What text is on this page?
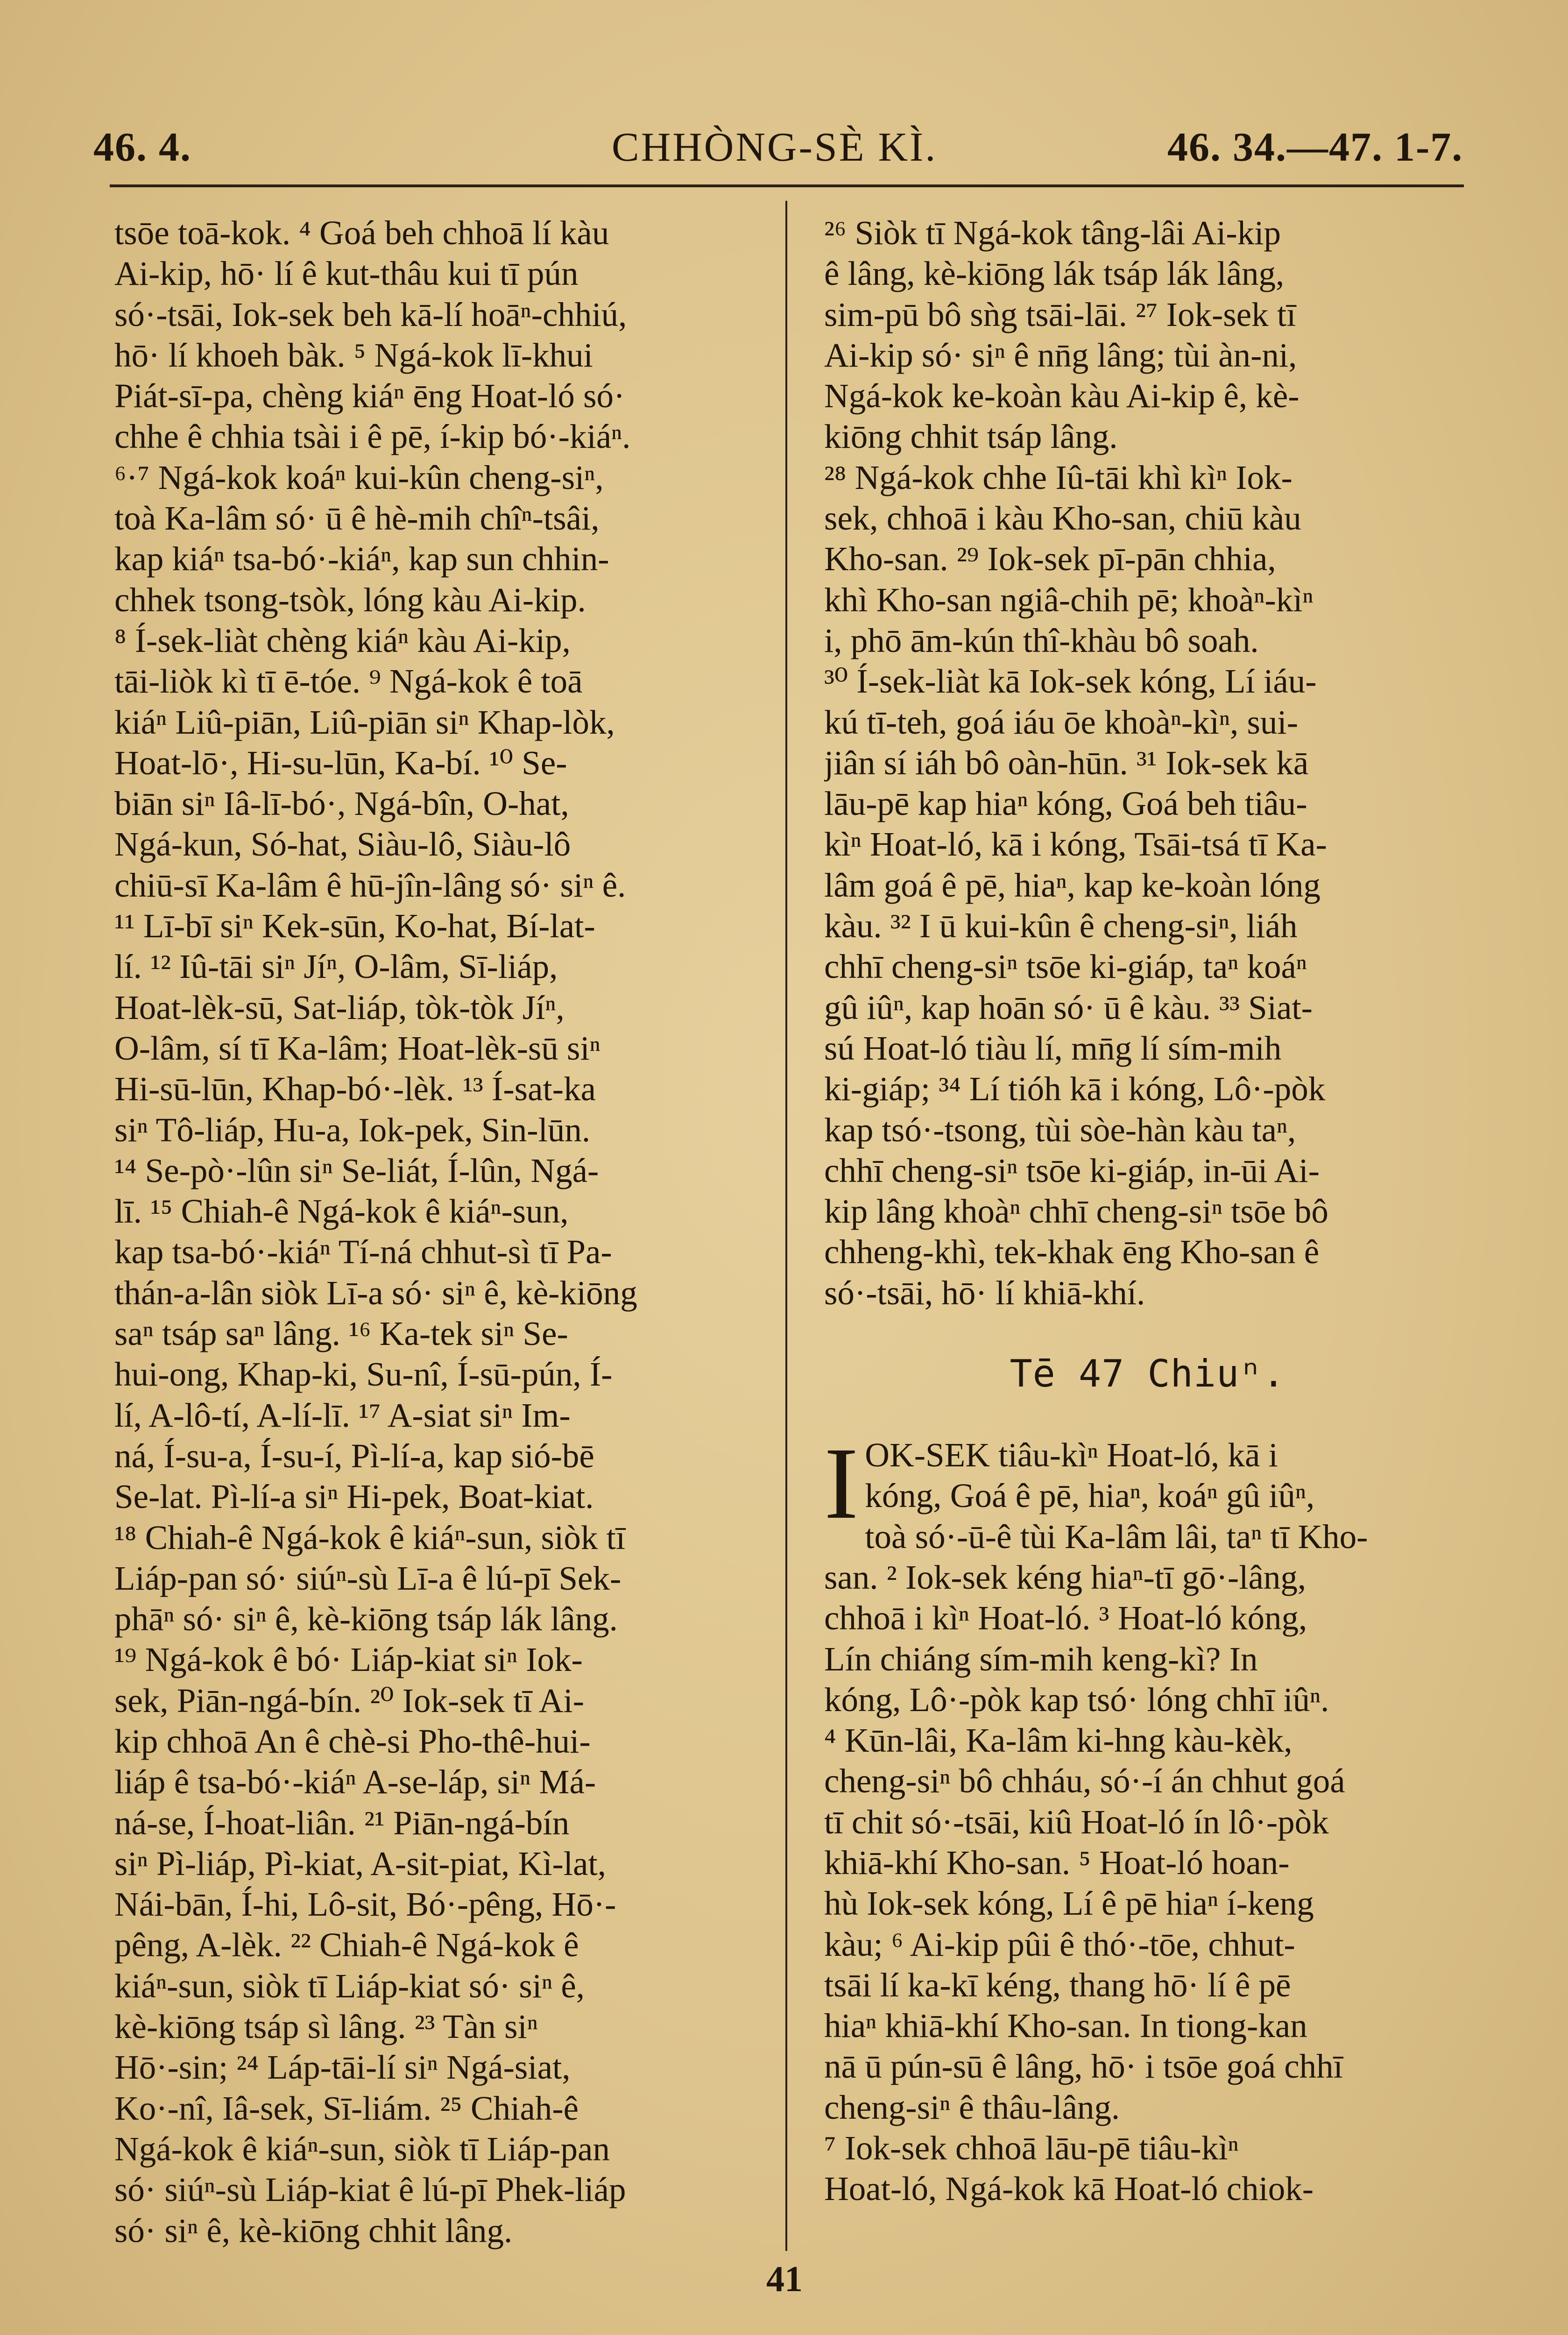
46. 4.	CHHÒNG-SÈ KÌ.	46. 34.—47. 1-7.
tsōe toā-kok. ⁴ Goá beh chhoā lí kàu
Ai-kip, hō· lí ê kut-thâu kui tī pún
só·-tsāi, Iok-sek beh kā-lí hoāⁿ-chhiú,
hō· lí khoeh bàk. ⁵ Ngá-kok lī-khui
Piát-sī-pa, chèng kiáⁿ ēng Hoat-ló só·
chhe ê chhia tsài i ê pē, í-kip bó·-kiáⁿ.
⁶·⁷ Ngá-kok koáⁿ kui-kûn cheng-siⁿ,
toà Ka-lâm só· ū ê hè-mih chîⁿ-tsâi,
kap kiáⁿ tsa-bó·-kiáⁿ, kap sun chhin-
chhek tsong-tsòk, lóng kàu Ai-kip.
⁸ Í-sek-liàt chèng kiáⁿ kàu Ai-kip,
tāi-liòk kì tī ē-tóe. ⁹ Ngá-kok ê toā
kiáⁿ Liû-piān, Liû-piān siⁿ Khap-lòk,
Hoat-lō·, Hi-su-lūn, Ka-bí. ¹⁰ Se-
biān siⁿ Iâ-lī-bó·, Ngá-bîn, O-hat,
Ngá-kun, Só-hat, Siàu-lô, Siàu-lô
chiū-sī Ka-lâm ê hū-jîn-lâng só· siⁿ ê.
¹¹ Lī-bī siⁿ Kek-sūn, Ko-hat, Bí-lat-
lí. ¹² Iû-tāi siⁿ Jíⁿ, O-lâm, Sī-liáp,
Hoat-lèk-sū, Sat-liáp, tòk-tòk Jíⁿ,
O-lâm, sí tī Ka-lâm; Hoat-lèk-sū siⁿ
Hi-sū-lūn, Khap-bó·-lèk. ¹³ Í-sat-ka
siⁿ Tô-liáp, Hu-a, Iok-pek, Sin-lūn.
¹⁴ Se-pò·-lûn siⁿ Se-liát, Í-lûn, Ngá-
lī. ¹⁵ Chiah-ê Ngá-kok ê kiáⁿ-sun,
kap tsa-bó·-kiáⁿ Tí-ná chhut-sì tī Pa-
thán-a-lân siòk Lī-a só· siⁿ ê, kè-kiōng
saⁿ tsáp saⁿ lâng. ¹⁶ Ka-tek siⁿ Se-
hui-ong, Khap-ki, Su-nî, Í-sū-pún, Í-
lí, A-lô-tí, A-lí-lī. ¹⁷ A-siat siⁿ Im-
ná, Í-su-a, Í-su-í, Pì-lí-a, kap sió-bē
Se-lat. Pì-lí-a siⁿ Hi-pek, Boat-kiat.
¹⁸ Chiah-ê Ngá-kok ê kiáⁿ-sun, siòk tī
Liáp-pan só· siúⁿ-sù Lī-a ê lú-pī Sek-
phāⁿ só· siⁿ ê, kè-kiōng tsáp lák lâng.
¹⁹ Ngá-kok ê bó· Liáp-kiat siⁿ Iok-
sek, Piān-ngá-bín. ²⁰ Iok-sek tī Ai-
kip chhoā An ê chè-si Pho-thê-hui-
liáp ê tsa-bó·-kiáⁿ A-se-láp, siⁿ Má-
ná-se, Í-hoat-liân. ²¹ Piān-ngá-bín
siⁿ Pì-liáp, Pì-kiat, A-sit-piat, Kì-lat,
Nái-bān, Í-hi, Lô-sit, Bó·-pêng, Hō·-
pêng, A-lèk. ²² Chiah-ê Ngá-kok ê
kiáⁿ-sun, siòk tī Liáp-kiat só· siⁿ ê,
kè-kiōng tsáp sì lâng. ²³ Tàn siⁿ
Hō·-sin; ²⁴ Láp-tāi-lí siⁿ Ngá-siat,
Ko·-nî, Iâ-sek, Sī-liám. ²⁵ Chiah-ê
Ngá-kok ê kiáⁿ-sun, siòk tī Liáp-pan
só· siúⁿ-sù Liáp-kiat ê lú-pī Phek-liáp
só· siⁿ ê, kè-kiōng chhit lâng.
²⁶ Siòk tī Ngá-kok tâng-lâi Ai-kip
ê lâng, kè-kiōng lák tsáp lák lâng,
sim-pū bô sǹg tsāi-lāi. ²⁷ Iok-sek tī
Ai-kip só· siⁿ ê nn̄g lâng; tùi àn-ni,
Ngá-kok ke-koàn kàu Ai-kip ê, kè-
kiōng chhit tsáp lâng.
²⁸ Ngá-kok chhe Iû-tāi khì kìⁿ Iok-
sek, chhoā i kàu Kho-san, chiū kàu
Kho-san. ²⁹ Iok-sek pī-pān chhia,
khì Kho-san ngiâ-chih pē; khoàⁿ-kìⁿ
i, phō ām-kún thî-khàu bô soah.
³⁰ Í-sek-liàt kā Iok-sek kóng, Lí iáu-
kú tī-teh, goá iáu ōe khoàⁿ-kìⁿ, sui-
jiân sí iáh bô oàn-hūn. ³¹ Iok-sek kā
lāu-pē kap hiaⁿ kóng, Goá beh tiâu-
kìⁿ Hoat-ló, kā i kóng, Tsāi-tsá tī Ka-
lâm goá ê pē, hiaⁿ, kap ke-koàn lóng
kàu. ³² I ū kui-kûn ê cheng-siⁿ, liáh
chhī cheng-siⁿ tsōe ki-giáp, taⁿ koáⁿ
gû iûⁿ, kap hoān só· ū ê kàu. ³³ Siat-
sú Hoat-ló tiàu lí, mn̄g lí sím-mih
ki-giáp; ³⁴ Lí tióh kā i kóng, Lô·-pòk
kap tsó·-tsong, tùi sòe-hàn kàu taⁿ,
chhī cheng-siⁿ tsōe ki-giáp, in-ūi Ai-
kip lâng khoàⁿ chhī cheng-siⁿ tsōe bô
chheng-khì, tek-khak ēng Kho-san ê
só·-tsāi, hō· lí khiā-khí.
Tē 47 Chiuⁿ.
I OK-SEK tiâu-kìⁿ Hoat-ló, kā i
kóng, Goá ê pē, hiaⁿ, koáⁿ gû iûⁿ,
toà só·-ū-ê tùi Ka-lâm lâi, taⁿ tī Kho-
san. ² Iok-sek kéng hiaⁿ-tī gō·-lâng,
chhoā i kìⁿ Hoat-ló. ³ Hoat-ló kóng,
Lín chiáng sím-mih keng-kì? In
kóng, Lô·-pòk kap tsó· lóng chhī iûⁿ.
⁴ Kūn-lâi, Ka-lâm ki-hng kàu-kèk,
cheng-siⁿ bô chháu, só·-í án chhut goá
tī chit só·-tsāi, kiû Hoat-ló ín lô·-pòk
khiā-khí Kho-san. ⁵ Hoat-ló hoan-
hù Iok-sek kóng, Lí ê pē hiaⁿ í-keng
kàu; ⁶ Ai-kip pûi ê thó·-tōe, chhut-
tsāi lí ka-kī kéng, thang hō· lí ê pē
hiaⁿ khiā-khí Kho-san. In tiong-kan
nā ū pún-sū ê lâng, hō· i tsōe goá chhī
cheng-siⁿ ê thâu-lâng.
⁷ Iok-sek chhoā lāu-pē tiâu-kìⁿ
Hoat-ló, Ngá-kok kā Hoat-ló chiok-
41
